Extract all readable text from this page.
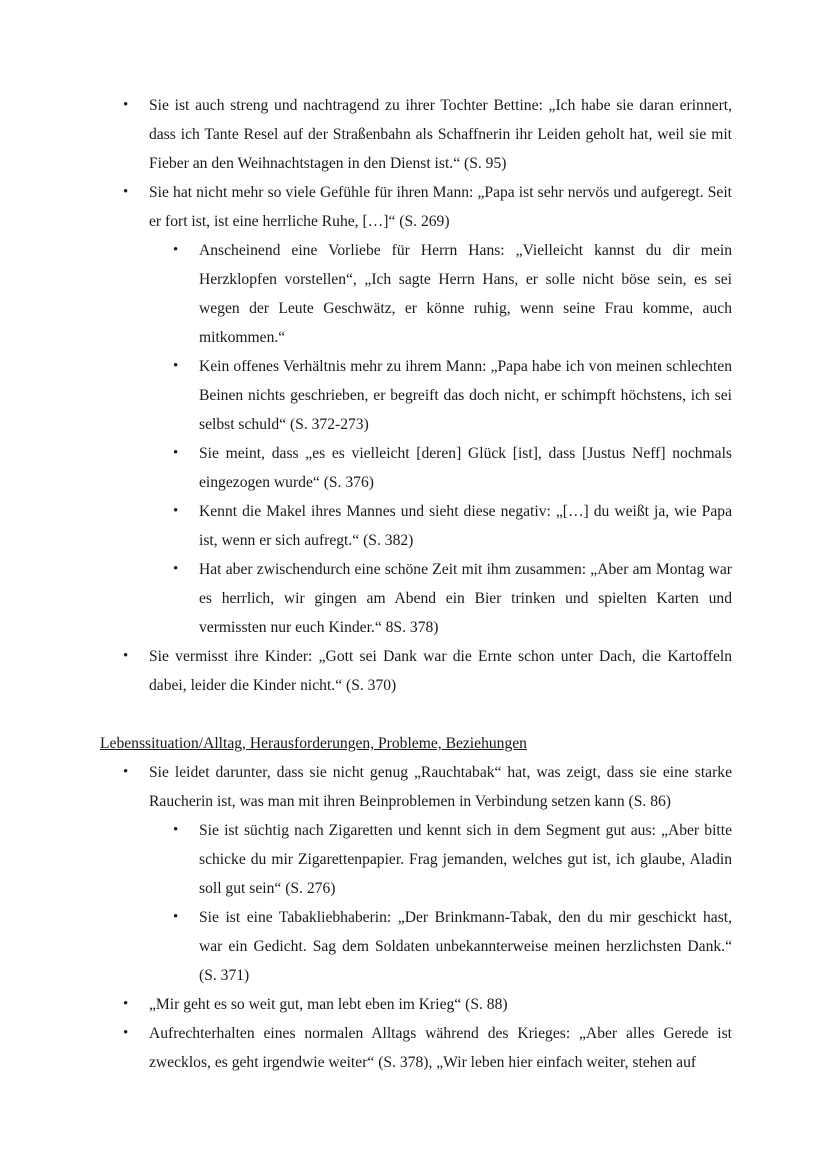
• Sie ist auch streng und nachtragend zu ihrer Tochter Bettine: „Ich habe sie daran erinnert, dass ich Tante Resel auf der Straßenbahn als Schaffnerin ihr Leiden geholt hat, weil sie mit Fieber an den Weihnachtstagen in den Dienst ist.“ (S. 95)
• Sie hat nicht mehr so viele Gefühle für ihren Mann: „Papa ist sehr nervös und aufgeregt. Seit er fort ist, ist eine herrliche Ruhe, […]“ (S. 269)
• Anscheinend eine Vorliebe für Herrn Hans: „Vielleicht kannst du dir mein Herzklopfen vorstellen“, „Ich sagte Herrn Hans, er solle nicht böse sein, es sei wegen der Leute Geschwätz, er könne ruhig, wenn seine Frau komme, auch mitkommen.“
• Kein offenes Verhältnis mehr zu ihrem Mann: „Papa habe ich von meinen schlechten Beinen nichts geschrieben, er begreift das doch nicht, er schimpft höchstens, ich sei selbst schuld“ (S. 372-273)
• Sie meint, dass „es es vielleicht [deren] Glück [ist], dass [Justus Neff] nochmals eingezogen wurde“ (S. 376)
• Kennt die Makel ihres Mannes und sieht diese negativ: „[…] du weißt ja, wie Papa ist, wenn er sich aufregt.“ (S. 382)
• Hat aber zwischendurch eine schöne Zeit mit ihm zusammen: „Aber am Montag war es herrlich, wir gingen am Abend ein Bier trinken und spielten Karten und vermissten nur euch Kinder.“ 8S. 378)
• Sie vermisst ihre Kinder: „Gott sei Dank war die Ernte schon unter Dach, die Kartoffeln dabei, leider die Kinder nicht.“ (S. 370)
Lebenssituation/Alltag, Herausforderungen, Probleme, Beziehungen
• Sie leidet darunter, dass sie nicht genug „Rauchtabak“ hat, was zeigt, dass sie eine starke Raucherin ist, was man mit ihren Beinproblemen in Verbindung setzen kann (S. 86)
• Sie ist süchtig nach Zigaretten und kennt sich in dem Segment gut aus: „Aber bitte schicke du mir Zigarettenpapier. Frag jemanden, welches gut ist, ich glaube, Aladin soll gut sein“ (S. 276)
• Sie ist eine Tabakliebhaberin: „Der Brinkmann-Tabak, den du mir geschickt hast, war ein Gedicht. Sag dem Soldaten unbekannterweise meinen herzlichsten Dank.“ (S. 371)
• „Mir geht es so weit gut, man lebt eben im Krieg“ (S. 88)
• Aufrechterhalten eines normalen Alltags während des Krieges: „Aber alles Gerede ist zwecklos, es geht irgendwie weiter“ (S. 378), „Wir leben hier einfach weiter, stehen auf
